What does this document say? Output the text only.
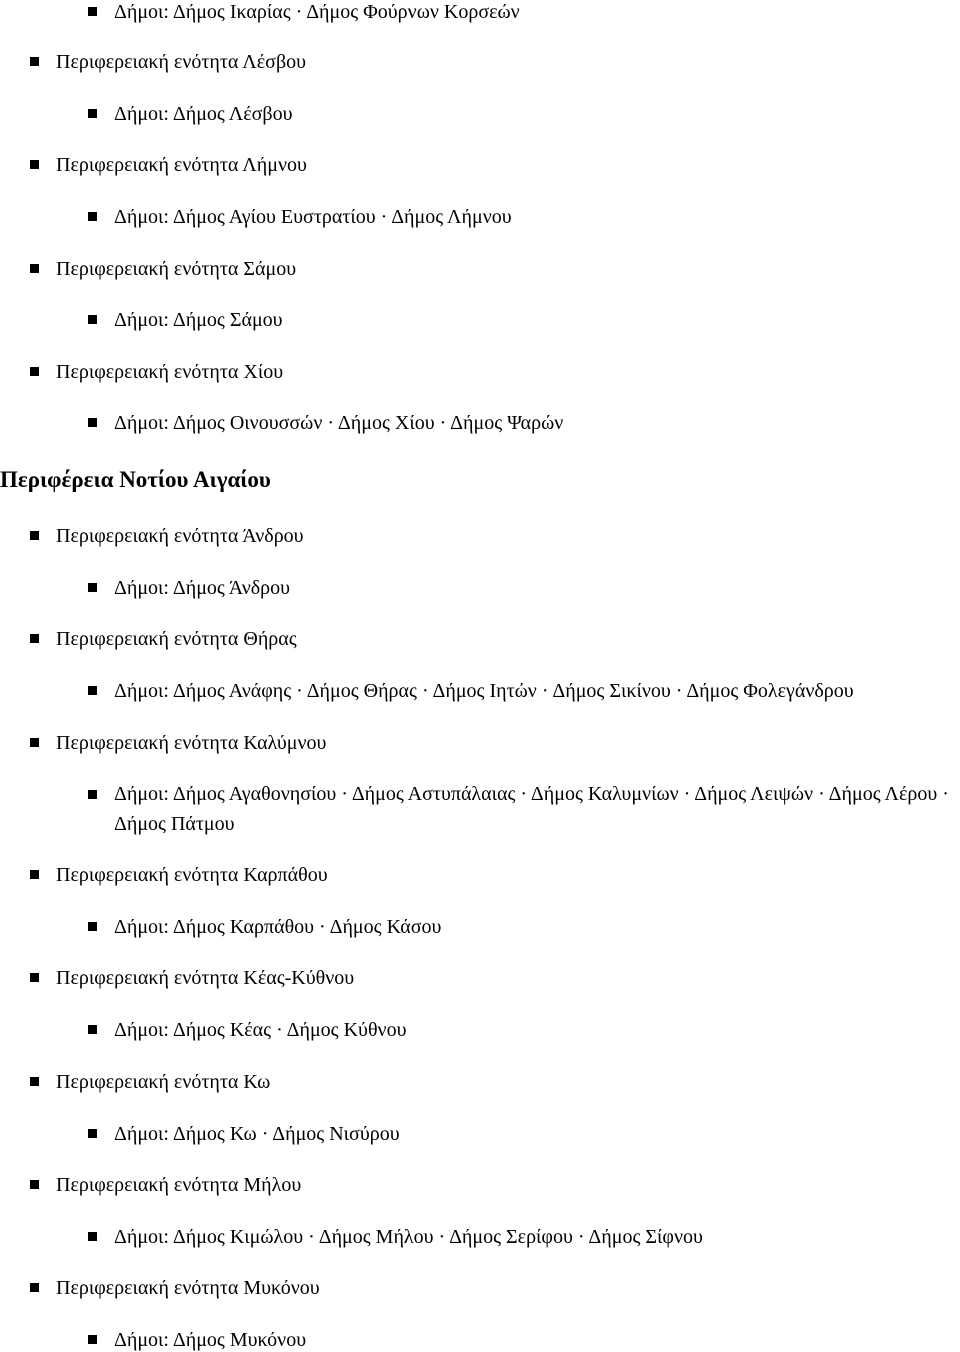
Δήμοι: Δήμος Ικαρίας · Δήμος Φούρνων Κορσεών
Περιφερειακή ενότητα Λέσβου
Δήμοι: Δήμος Λέσβου
Περιφερειακή ενότητα Λήμνου
Δήμοι: Δήμος Αγίου Ευστρατίου · Δήμος Λήμνου
Περιφερειακή ενότητα Σάμου
Δήμοι: Δήμος Σάμου
Περιφερειακή ενότητα Χίου
Δήμοι: Δήμος Οινουσσών · Δήμος Χίου · Δήμος Ψαρών
Περιφέρεια Νοτίου Αιγαίου
Περιφερειακή ενότητα Άνδρου
Δήμοι: Δήμος Άνδρου
Περιφερειακή ενότητα Θήρας
Δήμοι: Δήμος Ανάφης · Δήμος Θήρας · Δήμος Ιητών · Δήμος Σικίνου · Δήμος Φολεγάνδρου
Περιφερειακή ενότητα Καλύμνου
Δήμοι: Δήμος Αγαθονησίου · Δήμος Αστυπάλαιας · Δήμος Καλυμνίων · Δήμος Λειψών · Δήμος Λέρου · Δήμος Πάτμου
Περιφερειακή ενότητα Καρπάθου
Δήμοι: Δήμος Καρπάθου · Δήμος Κάσου
Περιφερειακή ενότητα Κέας-Κύθνου
Δήμοι: Δήμος Κέας · Δήμος Κύθνου
Περιφερειακή ενότητα Κω
Δήμοι: Δήμος Κω · Δήμος Νισύρου
Περιφερειακή ενότητα Μήλου
Δήμοι: Δήμος Κιμώλου · Δήμος Μήλου · Δήμος Σερίφου · Δήμος Σίφνου
Περιφερειακή ενότητα Μυκόνου
Δήμοι: Δήμος Μυκόνου
